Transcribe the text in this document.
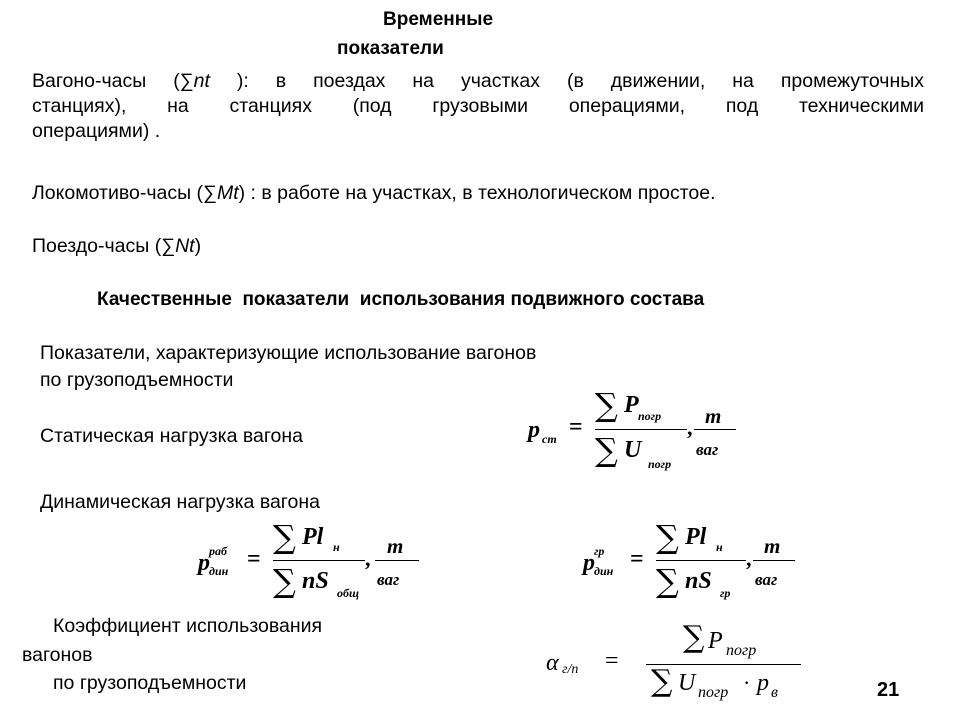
Временные
показатели
Вагоно-часы (∑nt ): в поездах на участках (в движении, на промежуточных
станциях), на станциях (под грузовыми операциями, под техническими
операциями) .
Локомотиво-часы (∑Mt) : в работе на участках, в технологическом простое.
Поездо-часы (∑Nt)
Качественные  показатели  использования подвижного состава
Показатели, характеризующие использование вагонов
по грузоподъемности
Статическая нагрузка вагона	p ст =
∑ P погр
∑ U
погр
, т
ваг
Динамическая нагрузка вагона
раб
p дин =
∑ Pl н
∑ nS общ
, т
ваг
гр
p дин =
∑ Pl н
∑ nS гр
, т
ваг
Коэффициент использования
вагонов
по грузоподъемности
α г/п =
∑ P погр
∑ U погр · p в	21
